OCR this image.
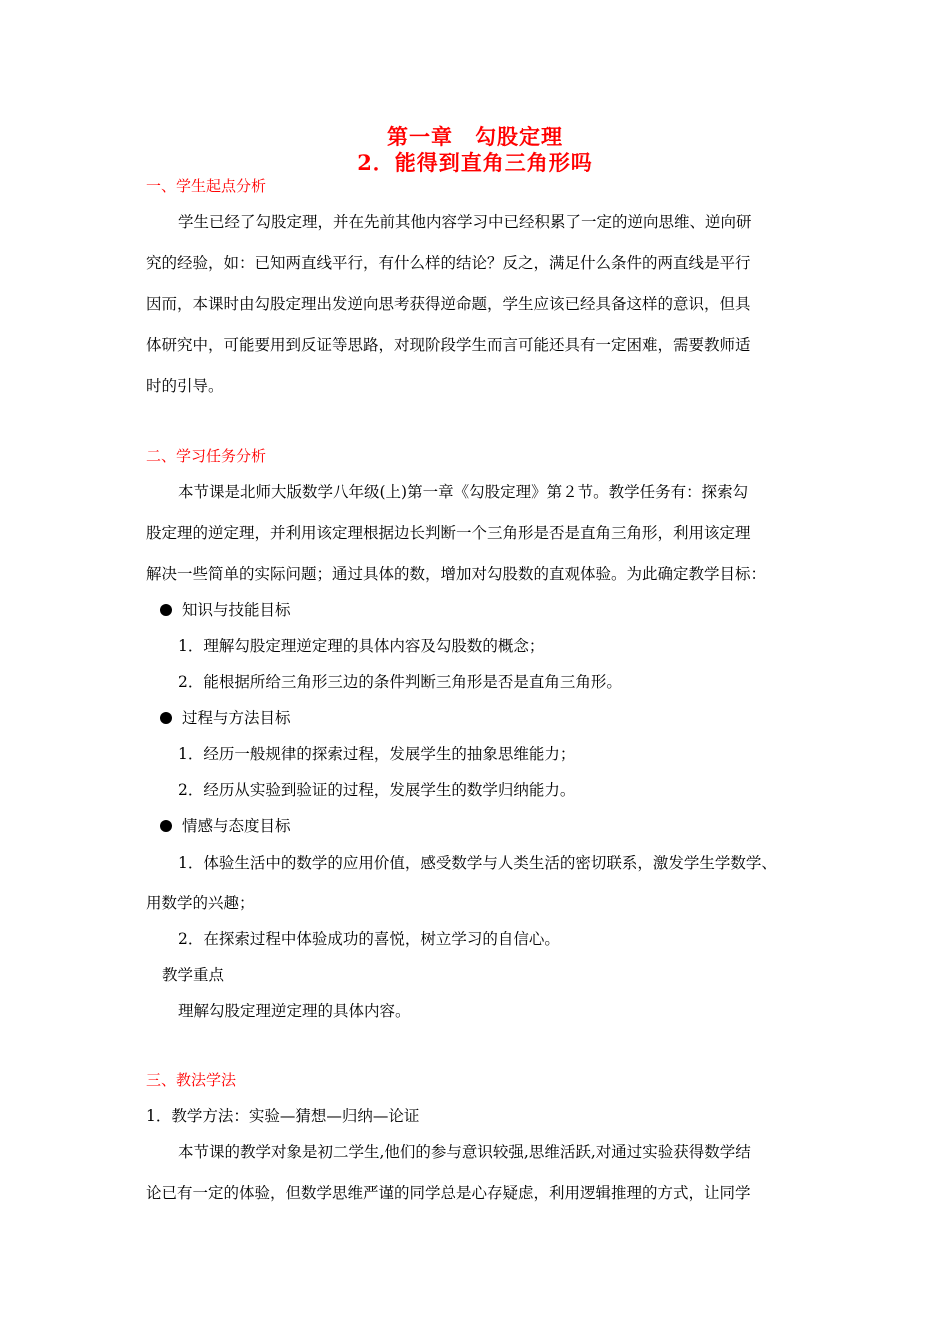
第一章　勾股定理
2．能得到直角三角形吗
一、学生起点分析
学生已经了勾股定理，并在先前其他内容学习中已经积累了一定的逆向思维、逆向研
究的经验，如：已知两直线平行，有什么样的结论？反之，满足什么条件的两直线是平行
因而，本课时由勾股定理出发逆向思考获得逆命题，学生应该已经具备这样的意识，但具
体研究中，可能要用到反证等思路，对现阶段学生而言可能还具有一定困难，需要教师适
时的引导。
二、学习任务分析
本节课是北师大版数学八年级(上)第一章《勾股定理》第２节。教学任务有：探索勾
股定理的逆定理，并利用该定理根据边长判断一个三角形是否是直角三角形，利用该定理
解决一些简单的实际问题；通过具体的数，增加对勾股数的直观体验。为此确定教学目标：
知识与技能目标
1．理解勾股定理逆定理的具体内容及勾股数的概念；
2．能根据所给三角形三边的条件判断三角形是否是直角三角形。
过程与方法目标
1．经历一般规律的探索过程，发展学生的抽象思维能力；
2．经历从实验到验证的过程，发展学生的数学归纳能力。
情感与态度目标
1．体验生活中的数学的应用价值，感受数学与人类生活的密切联系，激发学生学数学、
用数学的兴趣；
2．在探索过程中体验成功的喜悦，树立学习的自信心。
教学重点
理解勾股定理逆定理的具体内容。
三、教法学法
1．教学方法：实验—猜想—归纳—论证
本节课的教学对象是初二学生,他们的参与意识较强,思维活跃,对通过实验获得数学结
论已有一定的体验，但数学思维严谨的同学总是心存疑虑，利用逻辑推理的方式，让同学
